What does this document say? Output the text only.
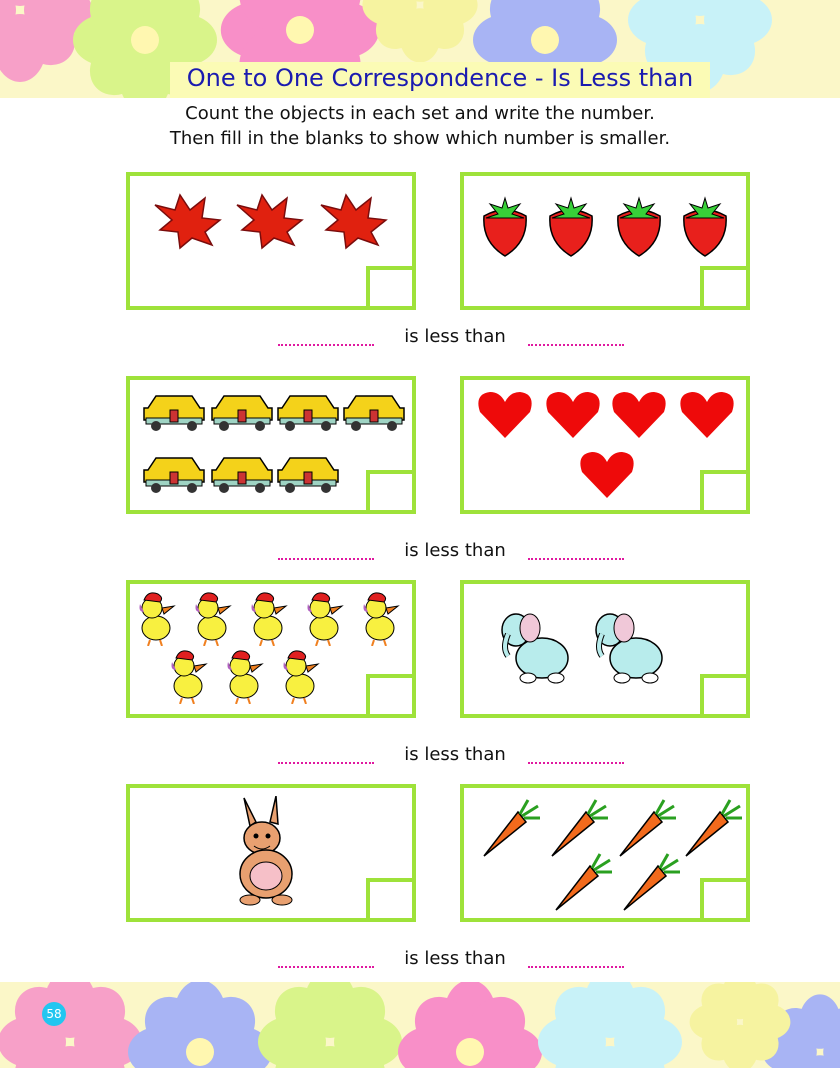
One to One Correspondence - Is Less than
Count the objects in each set and write the number.
Then fill in the blanks to show which number is smaller.
is less than
is less than
is less than
is less than
58
